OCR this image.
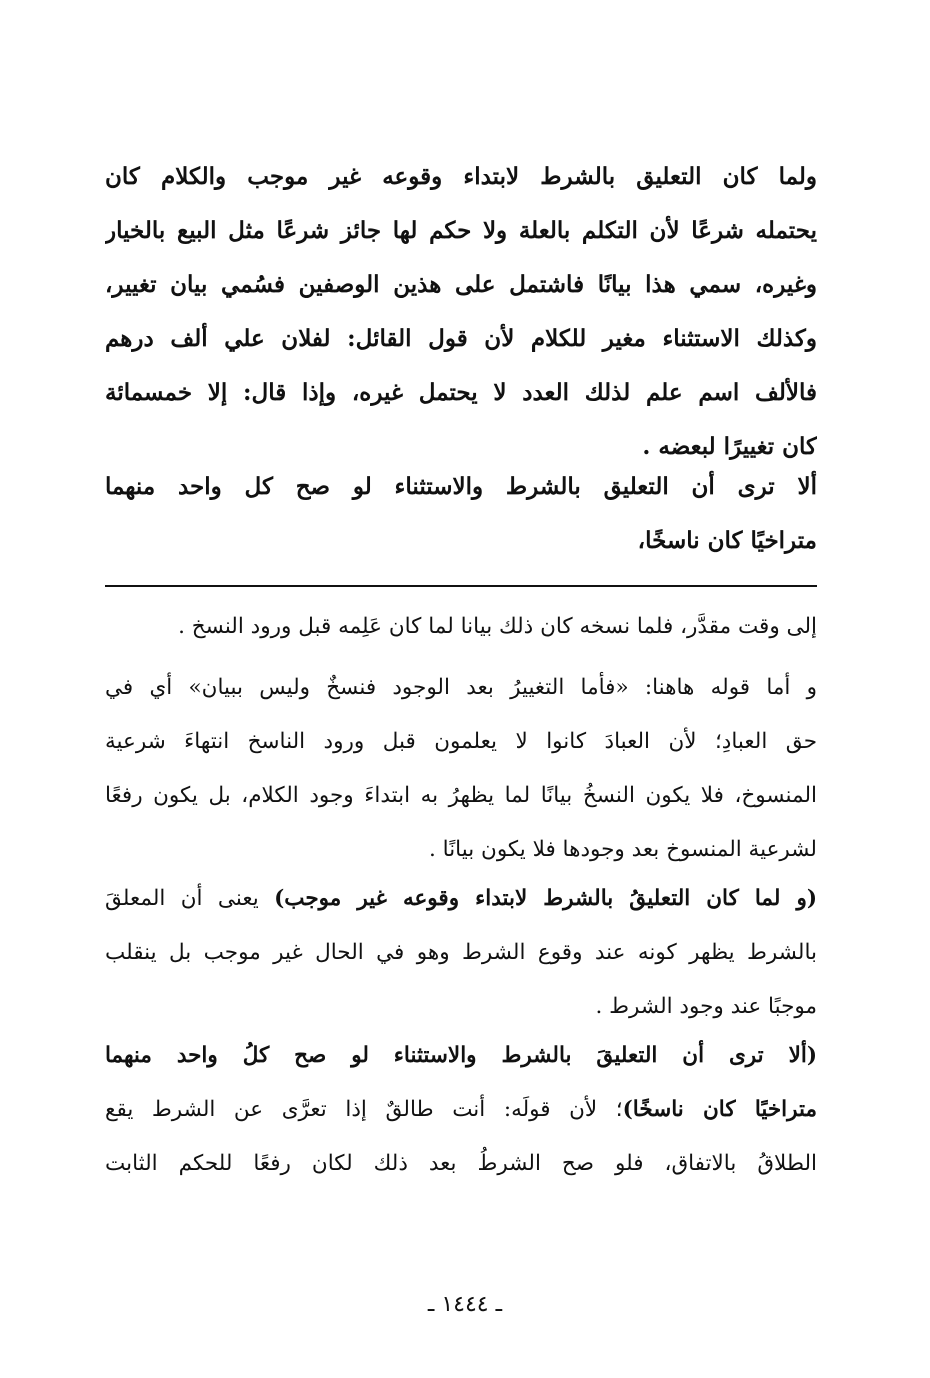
ولما كان التعليق بالشرط لابتداء وقوعه غير موجب والكلام كان
يحتمله شرعًا لأن التكلم بالعلة ولا حكم لها جائز شرعًا مثل البيع بالخيار
وغيره، سمي هذا بيانًا فاشتمل على هذين الوصفين فسُمي بيان تغيير،
وكذلك الاستثناء مغير للكلام لأن قول القائل: لفلان علي ألف درهم
فالألف اسم علم لذلك العدد لا يحتمل غيره، وإذا قال: إلا خمسمائة
كان تغييرًا لبعضه .
ألا ترى أن التعليق بالشرط والاستثناء لو صح كل واحد منهما
متراخيًا كان ناسخًا،
إلى وقت مقدَّر، فلما نسخه كان ذلك بيانا لما كان عَلِمه قبل ورود النسخ .
و أما قوله هاهنا: «فأما التغييرُ بعد الوجود فنسخٌ وليس ببيان» أي في
حق العبادِ؛ لأن العبادَ كانوا لا يعلمون قبل ورود الناسخ انتهاءَ شرعية
المنسوخ، فلا يكون النسخُ بيانًا لما يظهرُ به ابتداءَ وجود الكلام، بل يكون رفعًا
لشرعية المنسوخ بعد وجودها فلا يكون بيانًا .
(و لما كان التعليقُ بالشرط لابتداء وقوعه غير موجب) يعنى أن المعلقَ
بالشرط يظهر كونه عند وقوع الشرط وهو في الحال غير موجب بل ينقلب
موجبًا عند وجود الشرط .
(ألا ترى أن التعليقَ بالشرط والاستثناء لو صح كلُ واحد منهما
متراخيًا كان ناسخًا)؛ لأن قولَه: أنت طالقٌ إذا تعرَّى عن الشرط يقع
الطلاقُ بالاتفاق، فلو صح الشرطُ بعد ذلك لكان رفعًا للحكم الثابت
ـ ١٤٤٤ ـ
